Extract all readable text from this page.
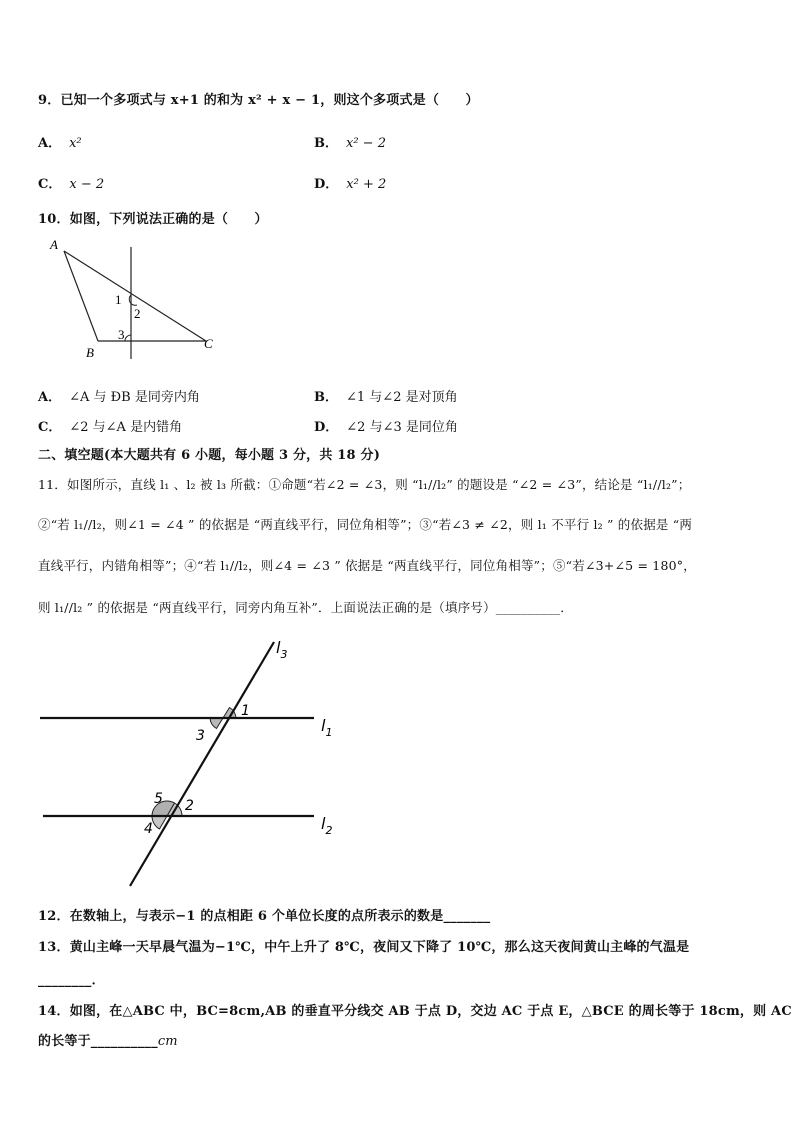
9．已知一个多项式与 x+1 的和为 x² + x − 1，则这个多项式是（　　）
A． x²	B． x² − 2
C． x − 2	D． x² + 2
10．如图，下列说法正确的是（　　）
A
B
C
1
2
3
A． ∠A 与 ÐB 是同旁内角	B． ∠1 与∠2 是对顶角
C． ∠2 与∠A 是内错角	D． ∠2 与∠3 是同位角
二、填空题(本大题共有 6 小题，每小题 3 分，共 18 分)
11．如图所示，直线 l₁ 、l₂ 被 l₃ 所截：①命题“若∠2 = ∠3，则 “l₁//l₂” 的题设是 “∠2 = ∠3”，结论是 “l₁//l₂”；
②“若 l₁//l₂，则∠1 = ∠4 ” 的依据是 “两直线平行，同位角相等”；③“若∠3 ≠ ∠2，则 l₁ 不平行 l₂ ” 的依据是 “两
直线平行，内错角相等”；④“若 l₁//l₂，则∠4 = ∠3 ” 依据是 “两直线平行，同位角相等”；⑤“若∠3+∠5 = 180°，
则 l₁//l₂ ” 的依据是 “两直线平行，同旁内角互补”．上面说法正确的是（填序号）__________．
1
3
2
5
4
$l_3$
$l_1$
$l_2$
12．在数轴上，与表示−1 的点相距 6 个单位长度的点所表示的数是_______
13．黄山主峰一天早晨气温为−1℃，中午上升了 8℃，夜间又下降了 10℃，那么这天夜间黄山主峰的气温是
________．
14．如图，在△ABC 中，BC=8cm,AB 的垂直平分线交 AB 于点 D，交边 AC 于点 E，△BCE 的周长等于 18cm，则 AC
的长等于__________cm
